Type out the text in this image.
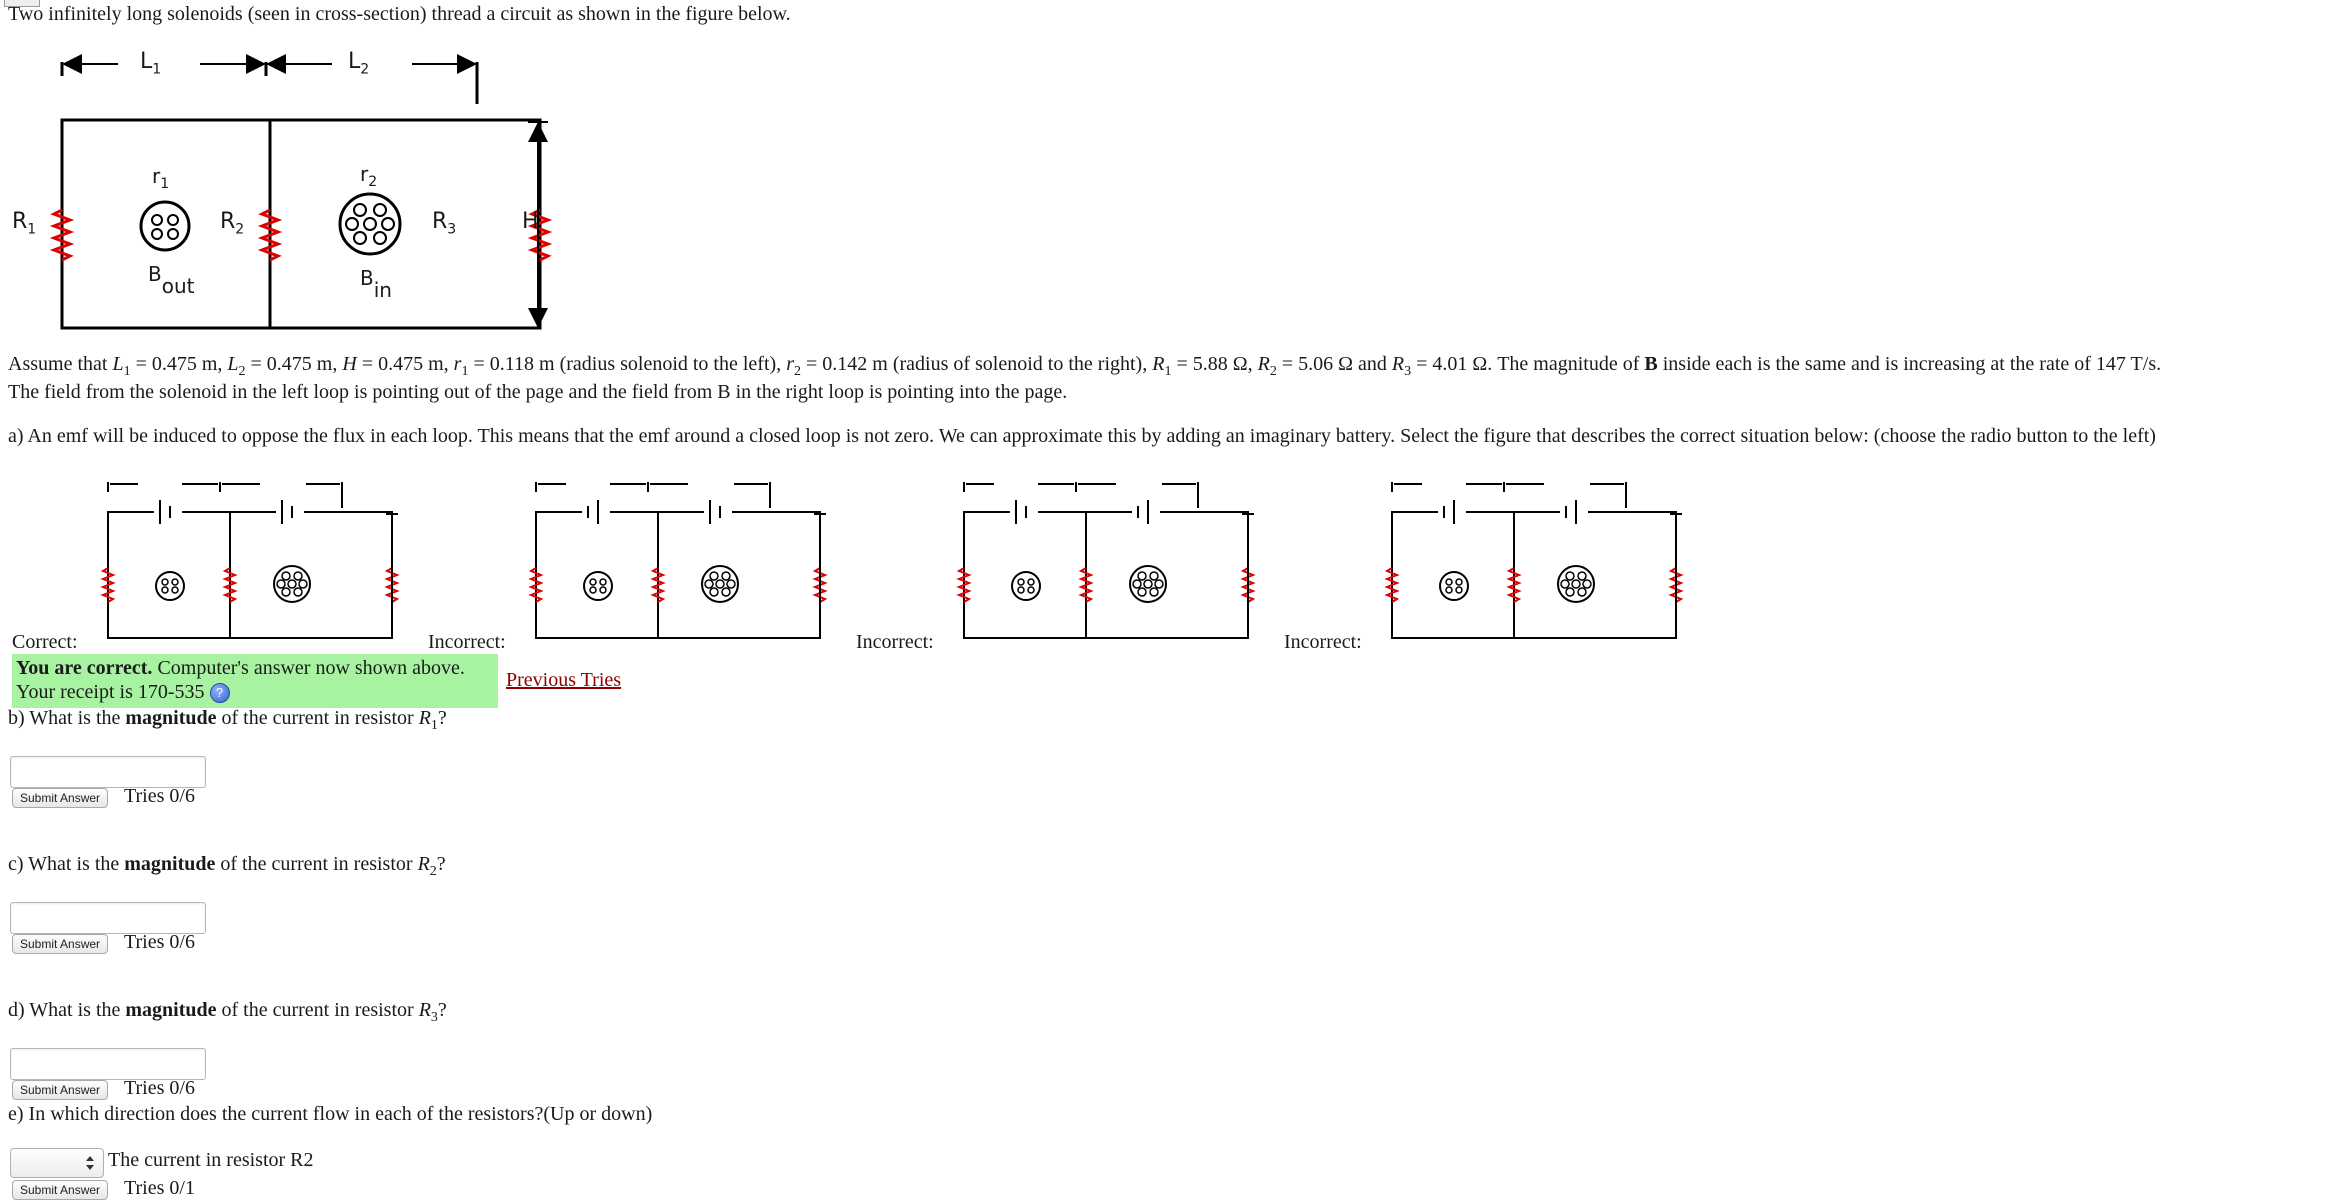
Two infinitely long solenoids (seen in cross-section) thread a circuit as shown in the figure below.
$L_1$	$L_2$
$R_1$	$R_2$	$R_3$	H
$r_1$	$r_2$
Bout	Bin
Assume that $L_1 = 0.475$ m, $L_2 = 0.475$ m, H = 0.475 m, $r_1 = 0.118$ m (radius solenoid to the left), $r_2 = 0.142$ m (radius of solenoid to the right), $R_1 = 5.88$ Ω, $R_2 = 5.06$ Ω and $R_3 = 4.01$ Ω. The magnitude of B inside each is the same and is increasing at the rate of 147 T/s.
The field from the solenoid in the left loop is pointing out of the page and the field from B in the right loop is pointing into the page.
a) An emf will be induced to oppose the flux in each loop. This means that the emf around a closed loop is not zero. We can approximate this by adding an imaginary battery. Select the figure that describes the correct situation below: (choose the radio button to the left)
Correct:	Incorrect:	Incorrect:	Incorrect:
You are correct. Computer's answer now shown above.
Your receipt is 170-535 ?
Previous Tries
b) What is the magnitude of the current in resistor $R_1$?
Submit Answer	Tries 0/6
c) What is the magnitude of the current in resistor $R_2$?
Submit Answer	Tries 0/6
d) What is the magnitude of the current in resistor $R_3$?
Submit Answer	Tries 0/6
e) In which direction does the current flow in each of the resistors?(Up or down)
The current in resistor R2
Submit Answer	Tries 0/1
